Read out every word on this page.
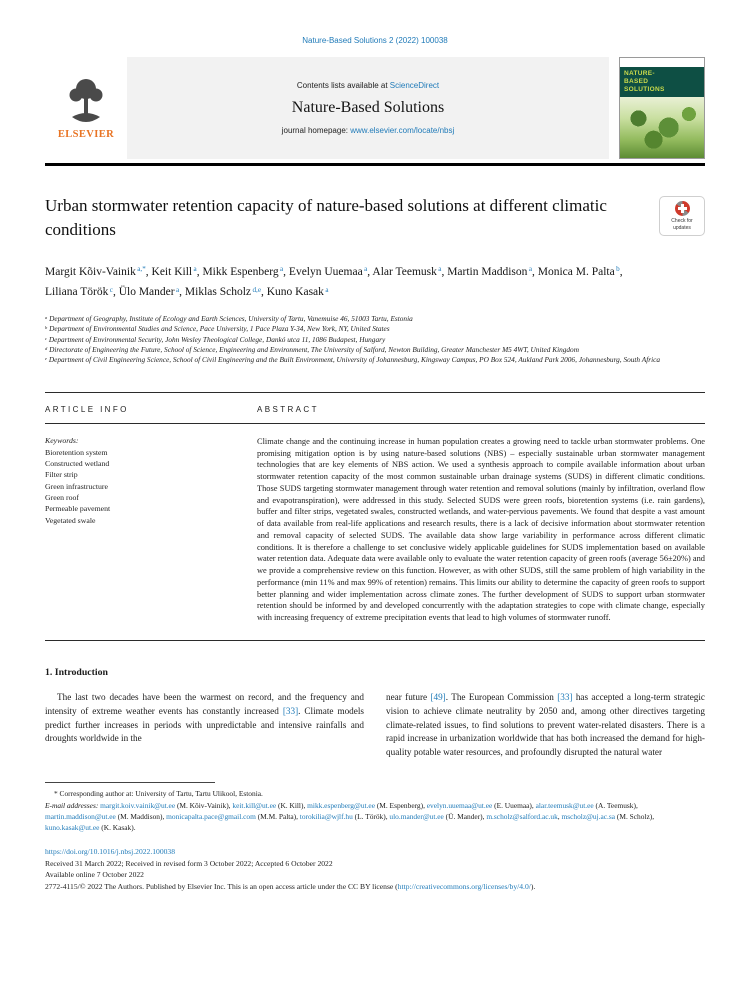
Nature-Based Solutions 2 (2022) 100038
ELSEVIER
Contents lists available at ScienceDirect
Nature-Based Solutions
journal homepage: www.elsevier.com/locate/nbsj
NATURE-BASED SOLUTIONS
Urban stormwater retention capacity of nature-based solutions at different climatic conditions	Check for updates
Margit Kõiv-Vainik $^{a,*}$, Keit Kill $^a$, Mikk Espenberg $^a$, Evelyn Uuemaa $^a$, Alar Teemusk $^a$, Martin Maddison $^a$, Monica M. Palta $^b$, Liliana Török $^c$, Ülo Mander $^a$, Miklas Scholz $^{d,e}$, Kuno Kasak $^a$
$^a$ Department of Geography, Institute of Ecology and Earth Sciences, University of Tartu, Vanemuise 46, 51003 Tartu, Estonia
$^b$ Department of Environmental Studies and Science, Pace University, 1 Pace Plaza Y-34, New York, NY, United States
$^c$ Department of Environmental Security, John Wesley Theological College, Dankó utca 11, 1086 Budapest, Hungary
$^d$ Directorate of Engineering the Future, School of Science, Engineering and Environment, The University of Salford, Newton Building, Greater Manchester M5 4WT, United Kingdom
$^e$ Department of Civil Engineering Science, School of Civil Engineering and the Built Environment, University of Johannesburg, Kingsway Campus, PO Box 524, Aukland Park 2006, Johannesburg, South Africa
ARTICLE INFO	ABSTRACT
Keywords:
Bioretention system
Constructed wetland
Filter strip
Green infrastructure
Green roof
Permeable pavement
Vegetated swale

Climate change and the continuing increase in human population creates a growing need to tackle urban stormwater problems. One promising mitigation option is by using nature-based solutions (NBS) – especially sustainable urban stormwater management technologies that are key elements of NBS action. We used a synthesis approach to compile available information about urban stormwater retention capacity of the most common sustainable urban drainage systems (SUDS) in different climatic conditions. Those SUDS targeting stormwater management through water retention and removal solutions (mainly by infiltration, overland flow and evapotranspiration), were addressed in this study. Selected SUDS were green roofs, bioretention systems (i.e. rain gardens), buffer and filter strips, vegetated swales, constructed wetlands, and water-pervious pavements. We found that despite a vast amount of data available from real-life applications and research results, there is a lack of decisive information about stormwater retention and removal capacity of selected SUDS. The available data show large variability in performance across different climatic conditions. It is therefore a challenge to set conclusive widely applicable guidelines for SUDS implementation based on available water retention data. Adequate data were available only to evaluate the water retention capacity of green roofs (average 56±20%) and we provide a comprehensive review on this function. However, as with other SUDS, still the same problem of high variability in the performance (min 11% and max 99% of retention) remains. This limits our ability to determine the capacity of green roofs to support better planning and wider implementation across climate zones. The further development of SUDS to support urban stormwater retention should be informed by and developed concurrently with the adaptation strategies to cope with climate change, especially with increasing frequency of extreme precipitation events that lead to high volumes of stormwater runoff.

1. Introduction

The last two decades have been the warmest on record, and the frequency and intensity of extreme weather events has constantly increased [33]. Climate models predict further increases in periods with unpredictable and intensive rainfalls and droughts worldwide in the

near future [49]. The European Commission [33] has accepted a long-term strategic vision to achieve climate neutrality by 2050 and, among other directives targeting climate-related issues, to find solutions to prevent water-related disasters. There is a rapid increase in urbanization worldwide that has both increased the demand for high-quality potable water resources, and profoundly disrupted the natural water

* Corresponding author at: University of Tartu, Tartu Ulikool, Estonia.
E-mail addresses: margit.koiv.vainik@ut.ee (M. Kõiv-Vainik), keit.kill@ut.ee (K. Kill), mikk.espenberg@ut.ee (M. Espenberg), evelyn.uuemaa@ut.ee (E. Uuemaa), alar.teemusk@ut.ee (A. Teemusk), martin.maddison@ut.ee (M. Maddison), monicapalta.pace@gmail.com (M.M. Palta), torokilia@wjlf.hu (L. Török), ulo.mander@ut.ee (Ü. Mander), m.scholz@salford.ac.uk, mscholz@uj.ac.sa (M. Scholz), kuno.kasak@ut.ee (K. Kasak).
https://doi.org/10.1016/j.nbsj.2022.100038
Received 31 March 2022; Received in revised form 3 October 2022; Accepted 6 October 2022
Available online 7 October 2022
2772-4115/© 2022 The Authors. Published by Elsevier Inc. This is an open access article under the CC BY license (http://creativecommons.org/licenses/by/4.0/).
